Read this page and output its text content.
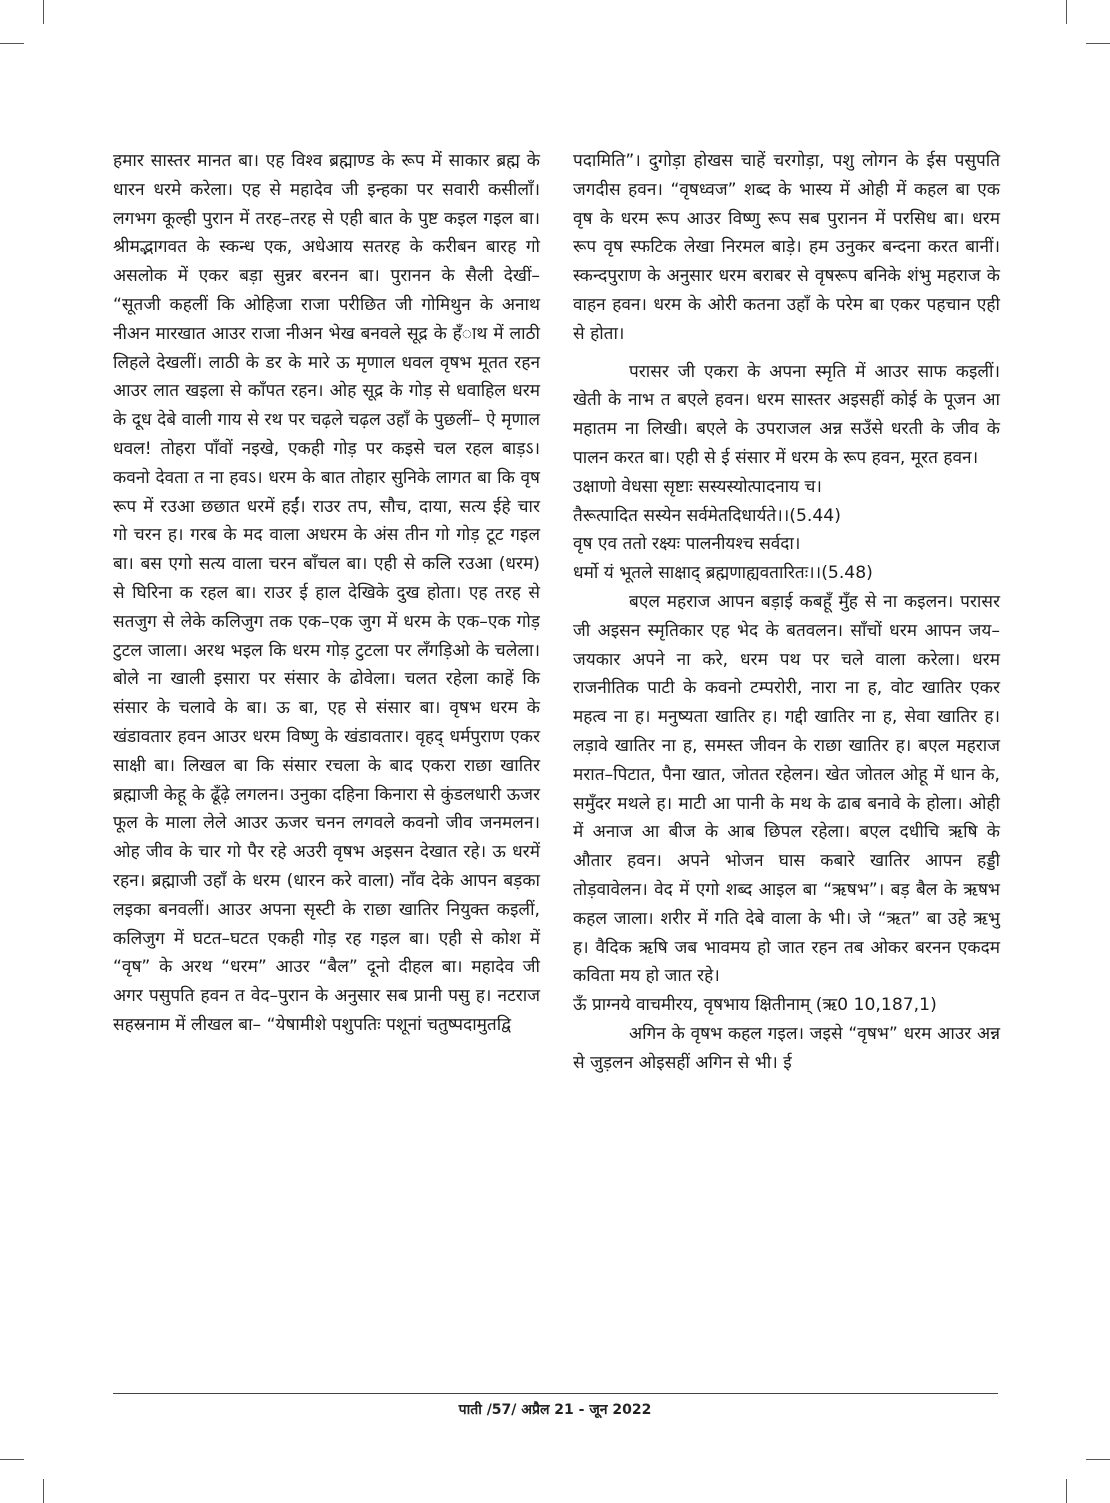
हमार सास्तर मानत बा। एह विश्व ब्रह्माण्ड के रूप में साकार ब्रह्म के धारन धरमे करेला। एह से महादेव जी इन्हका पर सवारी कसीलाँ। लगभग कूल्ही पुरान में तरह–तरह से एही बात के पुष्ट कइल गइल बा। श्रीमद्भागवत के स्कन्ध एक, अधेआय सतरह के करीबन बारह गो असलोक में एकर बड़ा सुन्नर बरनन बा। पुरानन के सैली देखीं– “सूतजी कहलीं कि ओहिजा राजा परीछित जी गोमिथुन के अनाथ नीअन मारखात आउर राजा नीअन भेख बनवले सूद्र के हँाथ में लाठी लिहले देखलीं। लाठी के डर के मारे ऊ मृणाल धवल वृषभ मूतत रहन आउर लात खइला से काँपत रहन। ओह सूद्र के गोड़ से धवाहिल धरम के दूध देबे वाली गाय से रथ पर चढ़ले चढ़ल उहाँ के पुछलीं– ऐ मृणाल धवल! तोहरा पाँवों नइखे, एकही गोड़ पर कइसे चल रहल बाड़ऽ। कवनो देवता त ना हवऽ। धरम के बात तोहार सुनिके लागत बा कि वृष रूप में रउआ छछात धरमें हईं। राउर तप, सौच, दाया, सत्य ईहे चार गो चरन ह। गरब के मद वाला अधरम के अंस तीन गो गोड़ टूट गइल बा। बस एगो सत्य वाला चरन बाँचल बा। एही से कलि रउआ (धरम) से घिरिना क रहल बा। राउर ई हाल देखिके दुख होता। एह तरह से सतजुग से लेके कलिजुग तक एक–एक जुग में धरम के एक–एक गोड़ टुटल जाला। अरथ भइल कि धरम गोड़ टुटला पर लँगड़िओ के चलेला। बोले ना खाली इसारा पर संसार के ढोवेला। चलत रहेला काहें कि संसार के चलावे के बा। ऊ बा, एह से संसार बा। वृषभ धरम के खंडावतार हवन आउर धरम विष्णु के खंडावतार। वृहद् धर्मपुराण एकर साक्षी बा। लिखल बा कि संसार रचला के बाद एकरा राछा खातिर ब्रह्माजी केहू के ढूँढ़े लगलन। उनुका दहिना किनारा से कुंडलधारी ऊजर फूल के माला लेले आउर ऊजर चनन लगवले कवनो जीव जनमलन। ओह जीव के चार गो पैर रहे अउरी वृषभ अइसन देखात रहे। ऊ धरमें रहन। ब्रह्माजी उहाँ के धरम (धारन करे वाला) नाँव देके आपन बड़का लइका बनवलीं। आउर अपना सृस्टी के राछा खातिर नियुक्त कइलीं, कलिजुग में घटत–घटत एकही गोड़ रह गइल बा। एही से कोश में “वृष” के अरथ “धरम” आउर “बैल” दूनो दीहल बा। महादेव जी अगर पसुपति हवन त वेद–पुरान के अनुसार सब प्रानी पसु ह। नटराज सहस्रनाम में लीखल बा– “येषामीशे पशुपतिः पशूनां चतुष्पदामुतद्वि

पदामिति”। दुगोड़ा होखस चाहें चरगोड़ा, पशु लोगन के ईस पसुपति जगदीस हवन। “वृषध्वज” शब्द के भास्य में ओही में कहल बा एक वृष के धरम रूप आउर विष्णु रूप सब पुरानन में परसिध बा। धरम रूप वृष स्फटिक लेखा निरमल बाड़े। हम उनुकर बन्दना करत बानीं। स्कन्दपुराण के अनुसार धरम बराबर से वृषरूप बनिके शंभु महराज के वाहन हवन। धरम के ओरी कतना उहाँ के परेम बा एकर पहचान एही से होता।

परासर जी एकरा के अपना स्मृति में आउर साफ कइलीं। खेती के नाभ त बएले हवन। धरम सास्तर अइसहीं कोई के पूजन आ महातम ना लिखी। बएले के उपराजल अन्न सउँसे धरती के जीव के पालन करत बा। एही से ई संसार में धरम के रूप हवन, मूरत हवन।

उक्षाणो वेधसा सृष्टाः सस्यस्योत्पादनाय च।

तैरूत्पादित सस्येन सर्वमेतदिधार्यते।।(5.44)

वृष एव ततो रक्ष्यः पालनीयश्च सर्वदा।

धर्मो यं भूतले साक्षाद् ब्रह्मणाह्यवतारितः।।(5.48)

बएल महराज आपन बड़ाई कबहूँ मुँह से ना कइलन। परासर जी अइसन स्मृतिकार एह भेद के बतवलन। साँचों धरम आपन जय–जयकार अपने ना करे, धरम पथ पर चले वाला करेला। धरम राजनीतिक पाटी के कवनो टम्परोरी, नारा ना ह, वोट खातिर एकर महत्व ना ह। मनुष्यता खातिर ह। गद्दी खातिर ना ह, सेवा खातिर ह। लड़ावे खातिर ना ह, समस्त जीवन के राछा खातिर ह। बएल महराज मरात–पिटात, पैना खात, जोतत रहेलन। खेत जोतल ओहू में धान के, समुँदर मथले ह। माटी आ पानी के मथ के ढाब बनावे के होला। ओही में अनाज आ बीज के आब छिपल रहेला। बएल दधीचि ऋषि के औतार हवन। अपने भोजन घास कबारे खातिर आपन हड्डी तोड़वावेलन। वेद में एगो शब्द आइल बा “ऋषभ”। बड़ बैल के ऋषभ कहल जाला। शरीर में गति देबे वाला के भी। जे “ऋत” बा उहे ऋभु ह। वैदिक ऋषि जब भावमय हो जात रहन तब ओकर बरनन एकदम कविता मय हो जात रहे।

ऊँ प्राग्नये वाचमीरय, वृषभाय क्षितीनाम् (ऋ0 10,187,1)

अगिन के वृषभ कहल गइल। जइसे “वृषभ” धरम आउर अन्न से जुड़लन ओइसहीं अगिन से भी। ई

पाती /57/ अप्रैल 21 - जून 2022
